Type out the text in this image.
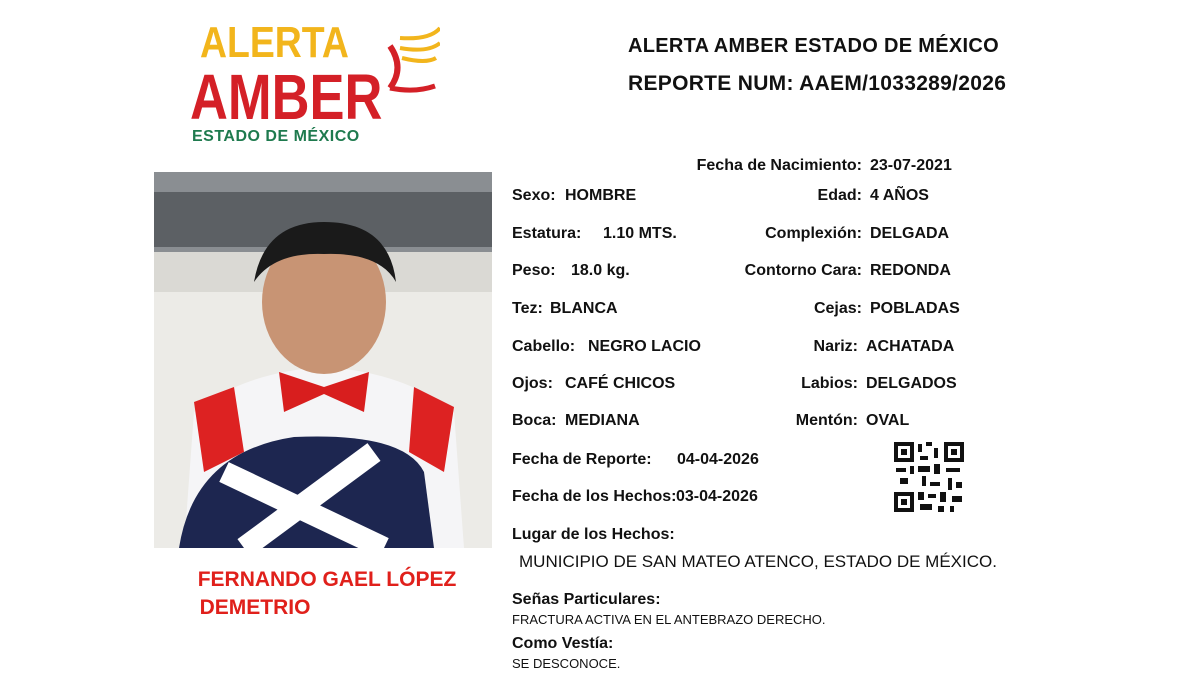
ALERTA
AMBER
ESTADO DE MÉXICO
ALERTA AMBER ESTADO DE MÉXICO
REPORTE NUM: AAEM/1033289/2026
FERNANDO GAEL LÓPEZ
DEMETRIO
Fecha de Nacimiento: 23-07-2021
Sexo: HOMBRE	Edad: 4 AÑOS
Estatura: 1.10 MTS.	Complexión: DELGADA
Peso: 18.0 kg.	Contorno Cara: REDONDA
Tez: BLANCA	Cejas: POBLADAS
Cabello: NEGRO LACIO	Nariz: ACHATADA
Ojos: CAFÉ CHICOS	Labios: DELGADOS
Boca: MEDIANA	Mentón: OVAL
Fecha de Reporte: 04-04-2026
Fecha de los Hechos: 03-04-2026
Lugar de los Hechos:
MUNICIPIO DE SAN MATEO ATENCO, ESTADO DE MÉXICO.
Señas Particulares:
FRACTURA ACTIVA EN EL ANTEBRAZO DERECHO.
Como Vestía:
SE DESCONOCE.
